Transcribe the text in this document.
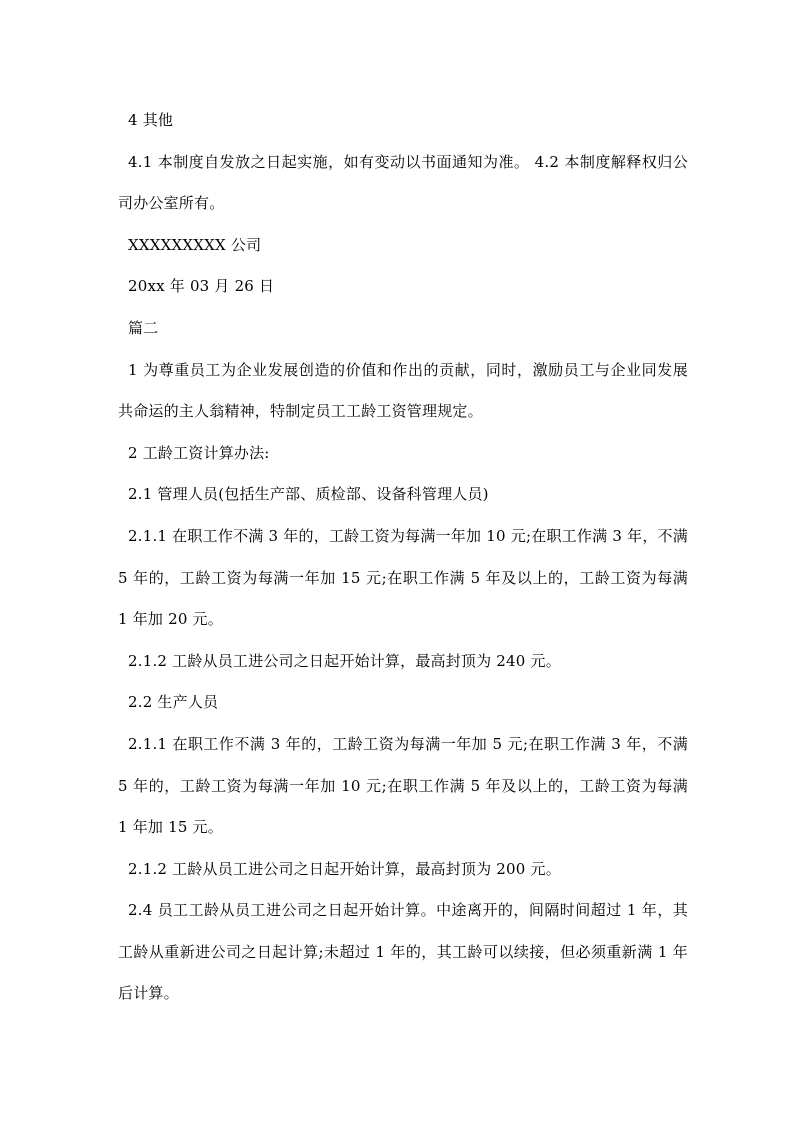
4 其他

4.1 本制度自发放之日起实施，如有变动以书面通知为准。 4.2 本制度解释权归公司办公室所有。

XXXXXXXXX 公司

20xx 年 03 月 26 日

篇二

1 为尊重员工为企业发展创造的价值和作出的贡献，同时，激励员工与企业同发展共命运的主人翁精神，特制定员工工龄工资管理规定。

2 工龄工资计算办法:

2.1 管理人员(包括生产部、质检部、设备科管理人员)

2.1.1 在职工作不满 3 年的，工龄工资为每满一年加 10 元;在职工作满 3 年，不满 5 年的，工龄工资为每满一年加 15 元;在职工作满 5 年及以上的，工龄工资为每满 1 年加 20 元。

2.1.2 工龄从员工进公司之日起开始计算，最高封顶为 240 元。

2.2 生产人员

2.1.1 在职工作不满 3 年的，工龄工资为每满一年加 5 元;在职工作满 3 年，不满 5 年的，工龄工资为每满一年加 10 元;在职工作满 5 年及以上的，工龄工资为每满 1 年加 15 元。

2.1.2 工龄从员工进公司之日起开始计算，最高封顶为 200 元。

2.4 员工工龄从员工进公司之日起开始计算。中途离开的，间隔时间超过 1 年，其工龄从重新进公司之日起计算;未超过 1 年的，其工龄可以续接，但必须重新满 1 年后计算。
